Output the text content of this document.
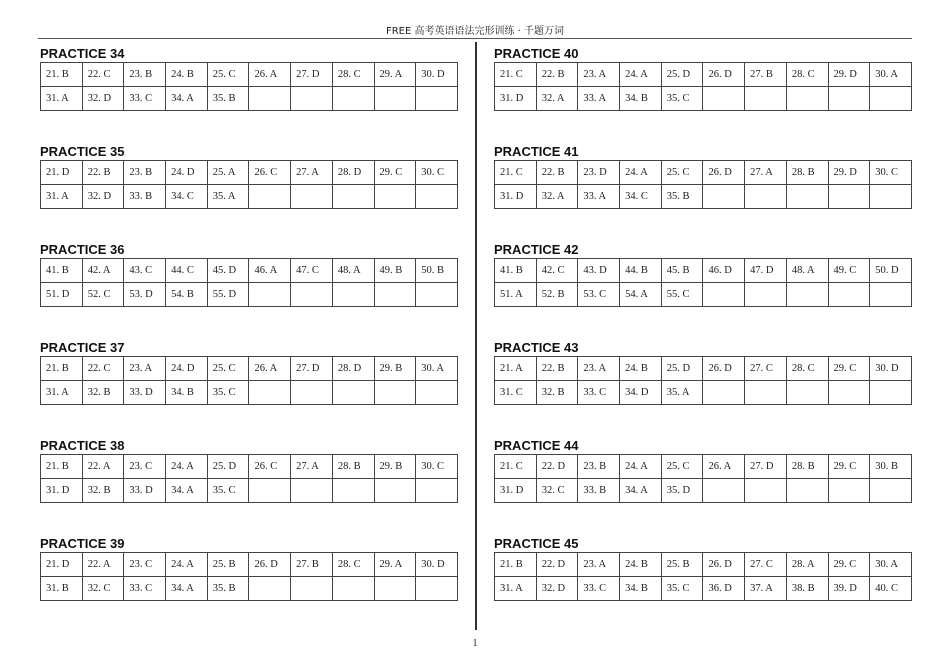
FREE 高考英语语法完形训练 · 千题万词
PRACTICE 34
21. B	22. C	23. B	24. B	25. C	26. A	27. D	28. C	29. A	30. D
31. A	32. D	33. C	34. A	35. B					
PRACTICE 35
21. D	22. B	23. B	24. D	25. A	26. C	27. A	28. D	29. C	30. C
31. A	32. D	33. B	34. C	35. A					
PRACTICE 36
41. B	42. A	43. C	44. C	45. D	46. A	47. C	48. A	49. B	50. B
51. D	52. C	53. D	54. B	55. D					
PRACTICE 37
21. B	22. C	23. A	24. D	25. C	26. A	27. D	28. D	29. B	30. A
31. A	32. B	33. D	34. B	35. C					
PRACTICE 38
21. B	22. A	23. C	24. A	25. D	26. C	27. A	28. B	29. B	30. C
31. D	32. B	33. D	34. A	35. C					
PRACTICE 39
21. D	22. A	23. C	24. A	25. B	26. D	27. B	28. C	29. A	30. D
31. B	32. C	33. C	34. A	35. B					
PRACTICE 40
21. C	22. B	23. A	24. A	25. D	26. D	27. B	28. C	29. D	30. A
31. D	32. A	33. A	34. B	35. C					
PRACTICE 41
21. C	22. B	23. D	24. A	25. C	26. D	27. A	28. B	29. D	30. C
31. D	32. A	33. A	34. C	35. B					
PRACTICE 42
41. B	42. C	43. D	44. B	45. B	46. D	47. D	48. A	49. C	50. D
51. A	52. B	53. C	54. A	55. C					
PRACTICE 43
21. A	22. B	23. A	24. B	25. D	26. D	27. C	28. C	29. C	30. D
31. C	32. B	33. C	34. D	35. A					
PRACTICE 44
21. C	22. D	23. B	24. A	25. C	26. A	27. D	28. B	29. C	30. B
31. D	32. C	33. B	34. A	35. D					
PRACTICE 45
21. B	22. D	23. A	24. B	25. B	26. D	27. C	28. A	29. C	30. A
31. A	32. D	33. C	34. B	35. C	36. D	37. A	38. B	39. D	40. C
1
